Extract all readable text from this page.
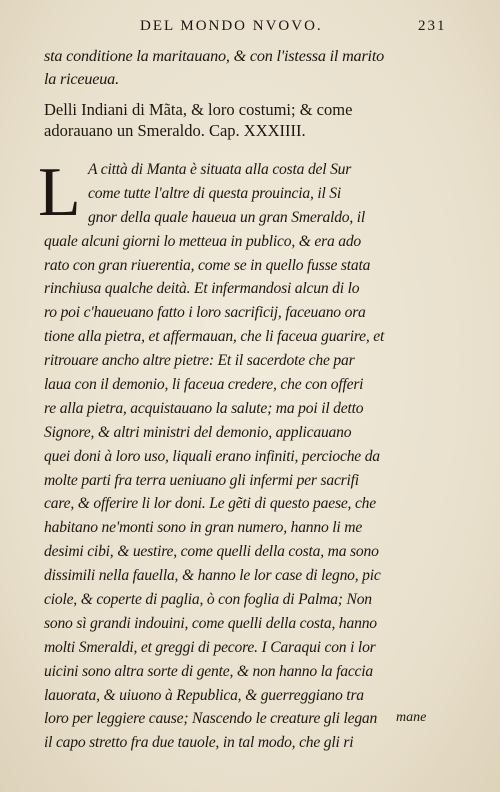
DEL MONDO NVOVO.	231
sta conditione la maritauano, & con l'istessa il marito
la riceueua.
Delli Indiani di Mãta, & loro costumi; & come
adorauano un Smeraldo. Cap. XXXIIII.
L A città di Manta è situata alla costa del Sur
come tutte l'altre di questa prouincia, il Si
gnor della quale haueua un gran Smeraldo, il
quale alcuni giorni lo metteua in publico, & era ado
rato con gran riuerentia, come se in quello fusse stata
rinchiusa qualche deità. Et infermandosi alcun di lo
ro poi c'haueuano fatto i loro sacrificij, faceuano ora
tione alla pietra, et affermauan, che li faceua guarire, et
ritrouare ancho altre pietre: Et il sacerdote che par
laua con il demonio, li faceua credere, che con offeri
re alla pietra, acquistauano la salute; ma poi il detto
Signore, & altri ministri del demonio, applicauano
quei doni à loro uso, liquali erano infiniti, percioche da
molte parti fra terra ueniuano gli infermi per sacrifi
care, & offerire li lor doni. Le gẽti di questo paese, che
habitano ne'monti sono in gran numero, hanno li me
desimi cibi, & uestire, come quelli della costa, ma sono
dissimili nella fauella, & hanno le lor case di legno, pic
ciole, & coperte di paglia, ò con foglia di Palma; Non
sono sì grandi indouini, come quelli della costa, hanno
molti Smeraldi, et greggi di pecore. I Caraqui con i lor
uicini sono altra sorte di gente, & non hanno la faccia
lauorata, & uiuono à Republica, & guerreggiano tra
loro per leggiere cause; Nascendo le creature gli legan
il capo stretto fra due tauole, in tal modo, che gli ri
mane
